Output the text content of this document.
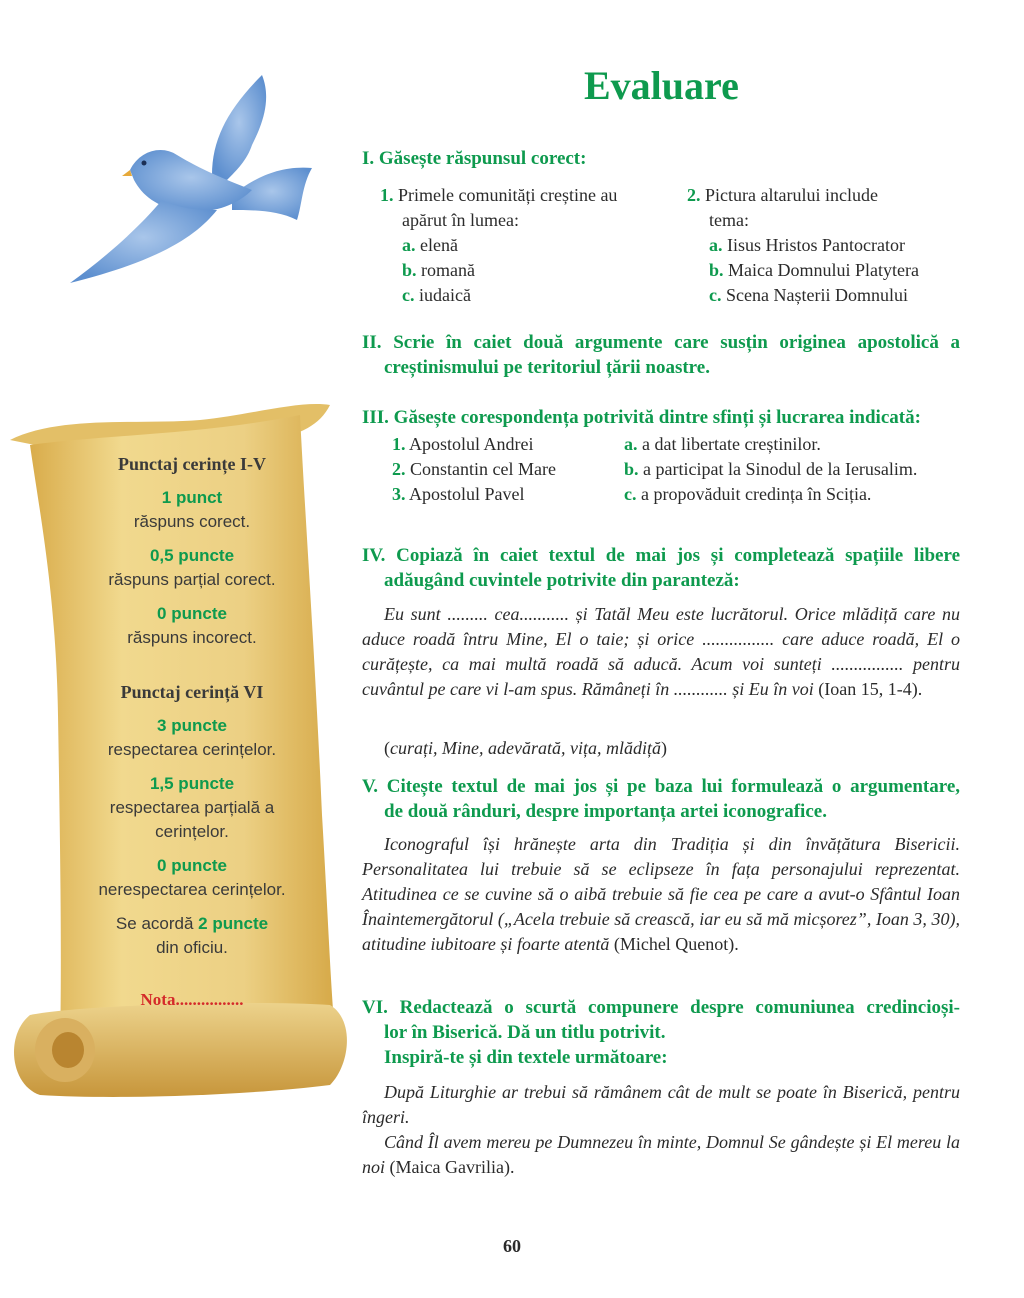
Evaluare
Punctaj cerințe I-V
1 punct
răspuns corect.
0,5 puncte
răspuns parțial corect.
0 puncte
răspuns incorect.
Punctaj cerință VI
3 puncte
respectarea cerințelor.
1,5 puncte
respectarea parțială a
cerințelor.
0 puncte
nerespectarea cerințelor.
Se acordă 2 puncte
din oficiu.
Nota................
I. Găsește răspunsul corect:
1. Primele comunități creștine au
apărut în lumea:
a. elenă
b. romană
c. iudaică
2. Pictura altarului include
tema:
a. Iisus Hristos Pantocrator
b. Maica Domnului Platytera
c. Scena Nașterii Domnului
II. Scrie în caiet două argumente care susțin originea apostolică a
creștinismului pe teritoriul țării noastre.
III. Găsește corespondența potrivită dintre sfinți și lucrarea indicată:
1. Apostolul Andrei
2. Constantin cel Mare
3. Apostolul Pavel
a. a dat libertate creștinilor.
b. a participat la Sinodul de la Ierusalim.
c. a propovăduit credința în Sciția.
IV. Copiază în caiet textul de mai jos și completează spațiile libere
adăugând cuvintele potrivite din paranteză:
Eu sunt ......... cea........... și Tatăl Meu este lucrătorul. Orice mlădiță care nu aduce roadă întru Mine, El o taie; și orice ................ care aduce roadă, El o curățește, ca mai multă roadă să aducă. Acum voi sunteți ................ pentru cuvântul pe care vi l-am spus. Rămâneți în ............ și Eu în voi (Ioan 15, 1-4).
(curați, Mine, adevărată, vița, mlădiță)
V. Citește textul de mai jos și pe baza lui formulează o argumentare,
de două rânduri, despre importanța artei iconografice.
Iconograful își hrănește arta din Tradiția și din învățătura Bisericii. Personalitatea lui trebuie să se eclipseze în fața personajului reprezentat. Atitudinea ce se cuvine să o aibă trebuie să fie cea pe care a avut-o Sfântul Ioan Înaintemergătorul („Acela trebuie să crească, iar eu să mă micșorez”, Ioan 3, 30), atitudine iubitoare și foarte atentă (Michel Quenot).
VI. Redactează o scurtă compunere despre comuniunea credincioși-
lor în Biserică. Dă un titlu potrivit.
Inspiră-te și din textele următoare:
După Liturghie ar trebui să rămânem cât de mult se poate în Biserică, pentru îngeri.
Când Îl avem mereu pe Dumnezeu în minte, Domnul Se gândește și El mereu la noi (Maica Gavrilia).
60
